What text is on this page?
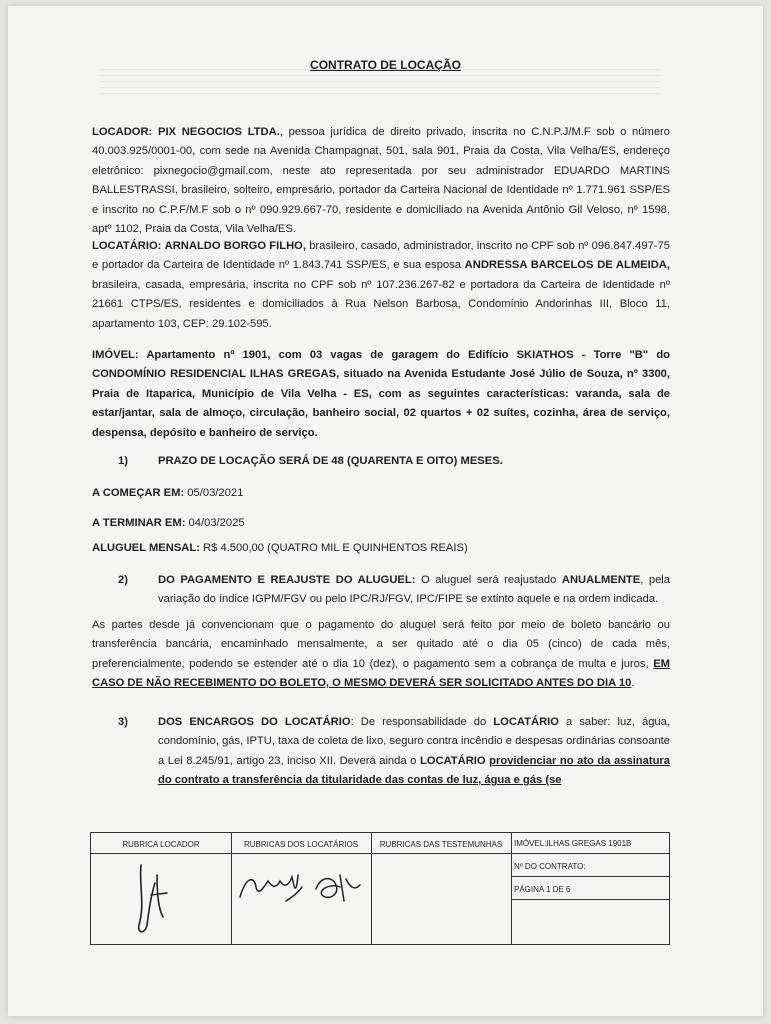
CONTRATO DE LOCAÇÃO
LOCADOR: PIX NEGOCIOS LTDA., pessoa jurídica de direito privado, inscrita no C.N.P.J/M.F sob o número 40.003.925/0001-00, com sede na Avenida Champagnat, 501, sala 901, Praia da Costa, Vila Velha/ES, endereço eletrônico: pixnegocio@gmail.com, neste ato representada por seu administrador EDUARDO MARTINS BALLESTRASSI, brasileiro, solteiro, empresário, portador da Carteira Nacional de Identidade nº 1.771.961 SSP/ES e inscrito no C.P.F/M.F sob o nº 090.929.667-70, residente e domiciliado na Avenida Antônio Gil Veloso, nº 1598, aptº 1102, Praia da Costa, Vila Velha/ES.
LOCATÁRIO: ARNALDO BORGO FILHO, brasileiro, casado, administrador, inscrito no CPF sob nº 096.847.497-75 e portador da Carteira de Identidade nº 1.843.741 SSP/ES, e sua esposa ANDRESSA BARCELOS DE ALMEIDA, brasileira, casada, empresária, inscrita no CPF sob nº 107.236.267-82 e portadora da Carteira de Identidade nº 21661 CTPS/ES, residentes e domiciliados à Rua Nelson Barbosa, Condomínio Andorinhas III, Bloco 11, apartamento 103, CEP: 29.102-595.
IMÓVEL: Apartamento nº 1901, com 03 vagas de garagem do Edifício SKIATHOS - Torre "B" do CONDOMÍNIO RESIDENCIAL ILHAS GREGAS, situado na Avenida Estudante José Júlio de Souza, nº 3300, Praia de Itaparica, Município de Vila Velha - ES, com as seguintes características: varanda, sala de estar/jantar, sala de almoço, circulação, banheiro social, 02 quartos + 02 suítes, cozinha, área de serviço, despensa, depósito e banheiro de serviço.
1)	PRAZO DE LOCAÇÃO SERÁ DE 48 (QUARENTA E OITO) MESES.
A COMEÇAR EM: 05/03/2021
A TERMINAR EM: 04/03/2025
ALUGUEL MENSAL: R$ 4.500,00 (QUATRO MIL E QUINHENTOS REAIS)
2)	DO PAGAMENTO E REAJUSTE DO ALUGUEL: O aluguel será reajustado ANUALMENTE, pela variação do índice IGPM/FGV ou pelo IPC/RJ/FGV, IPC/FIPE se extinto aquele e na ordem indicada.
As partes desde já convencionam que o pagamento do aluguel será feito por meio de boleto bancário ou transferência bancária, encaminhado mensalmente, a ser quitado até o dia 05 (cinco) de cada mês, preferencialmente, podendo se estender até o dia 10 (dez), o pagamento sem a cobrança de multa e juros, EM CASO DE NÃO RECEBIMENTO DO BOLETO, O MESMO DEVERÁ SER SOLICITADO ANTES DO DIA 10.
3)	DOS ENCARGOS DO LOCATÁRIO: De responsabilidade do LOCATÁRIO a saber: luz, água, condomínio, gás, IPTU, taxa de coleta de lixo, seguro contra incêndio e despesas ordinárias consoante a Lei 8.245/91, artigo 23, inciso XII. Deverá ainda o LOCATÁRIO providenciar no ato da assinatura do contrato a transferência da titularidade das contas de luz, água e gás (se
RUBRICA LOCADOR	RUBRICAS DOS LOCATÁRIOS	RUBRICAS DAS TESTEMUNHAS	IMÓVEL:ILHAS GREGAS 1901B
Nº DO CONTRATO:
PÁGINA 1 DE 6
